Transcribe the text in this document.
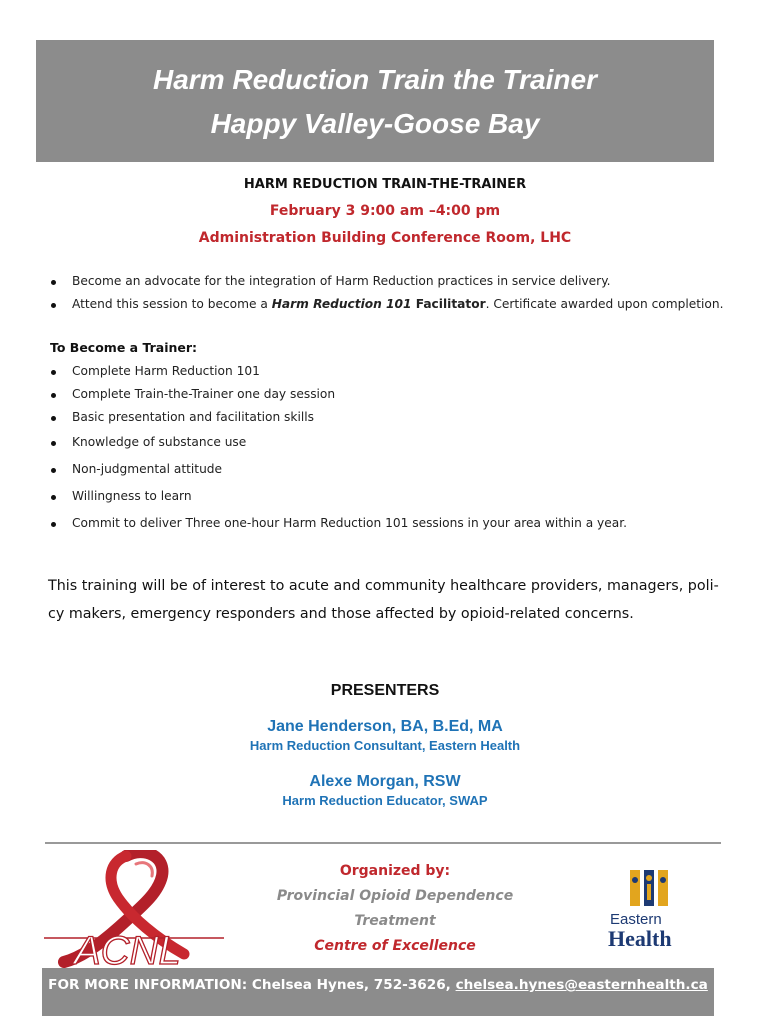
Harm Reduction Train the Trainer
Happy Valley-Goose Bay
HARM REDUCTION TRAIN-THE-TRAINER
February 3 9:00 am –4:00 pm
Administration Building Conference Room, LHC
Become an advocate for the integration of Harm Reduction practices in service delivery.
Attend this session to become a Harm Reduction 101 Facilitator. Certificate awarded upon completion.
To Become a Trainer:
Complete Harm Reduction 101
Complete Train-the-Trainer one day session
Basic presentation and facilitation skills
Knowledge of substance use
Non-judgmental attitude
Willingness to learn
Commit to deliver Three one-hour Harm Reduction 101 sessions in your area within a year.
This training will be of interest to acute and community healthcare providers, managers, poli-
cy makers, emergency responders and those affected by opioid-related concerns.
PRESENTERS
Jane Henderson, BA, B.Ed, MA
Harm Reduction Consultant, Eastern Health
Alexe Morgan, RSW
Harm Reduction Educator, SWAP
ACNL
Organized by:
Provincial Opioid Dependence Treatment
Centre of Excellence
Eastern
Health
FOR MORE INFORMATION: Chelsea Hynes, 752-3626, chelsea.hynes@easternhealth.ca
